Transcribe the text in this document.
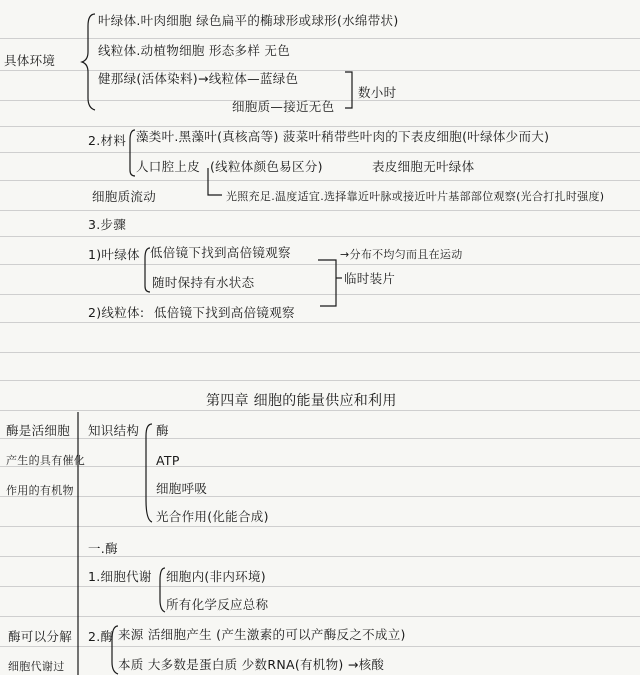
具体环境
叶绿体.叶肉细胞 绿色扁平的椭球形或球形(水绵带状)
线粒体.动植物细胞 形态多样 无色
健那绿(活体染料)→线粒体—蓝绿色
细胞质—接近无色
数小时
2.材料 藻类叶.黑藻叶(真核高等) 菠菜叶稍带些叶肉的下表皮细胞(叶绿体少而大)
人口腔上皮 (线粒体颜色易区分)	表皮细胞无叶绿体
细胞质流动	光照充足.温度适宜.选择靠近叶脉或接近叶片基部部位观察(光合打扎时强度)
3.步骤
1)叶绿体 低倍镜下找到高倍镜观察	→分布不均匀而且在运动
随时保持有水状态	临时装片
2)线粒体: 低倍镜下找到高倍镜观察
第四章 细胞的能量供应和利用
酶是活细胞
产生的具有催化
作用的有机物
知识结构 酶
ATP
细胞呼吸
光合作用(化能合成)
一.酶
1.细胞代谢 细胞内(非内环境)
所有化学反应总称
酶可以分解
细胞代谢过
2.酶 来源 活细胞产生 (产生激素的可以产酶反之不成立)
本质 大多数是蛋白质 少数RNA(有机物) →核酸
